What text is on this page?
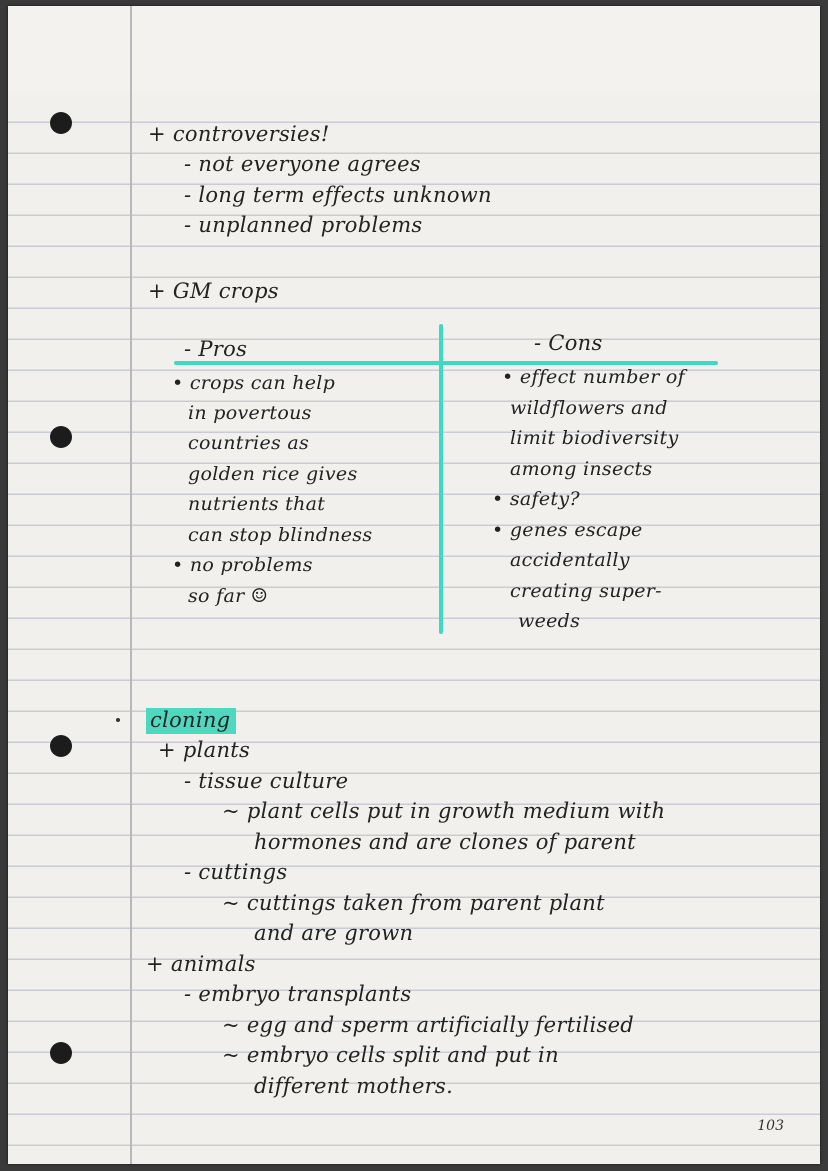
+ controversies!
- not everyone agrees
- long term effects unknown
- unplanned problems
+ GM crops
- Pros	- Cons
• crops can help
in povertous
countries as
golden rice gives
nutrients that
can stop blindness
• no problems
so far ☺
• effect number of
wildflowers and
limit biodiversity
among insects
• safety?
• genes escape
accidentally
creating super-
weeds
cloning
+ plants
- tissue culture
~ plant cells put in growth medium with
hormones and are clones of parent
- cuttings
~ cuttings taken from parent plant
and are grown
+ animals
- embryo transplants
~ egg and sperm artificially fertilised
~ embryo cells split and put in
different mothers.
103
